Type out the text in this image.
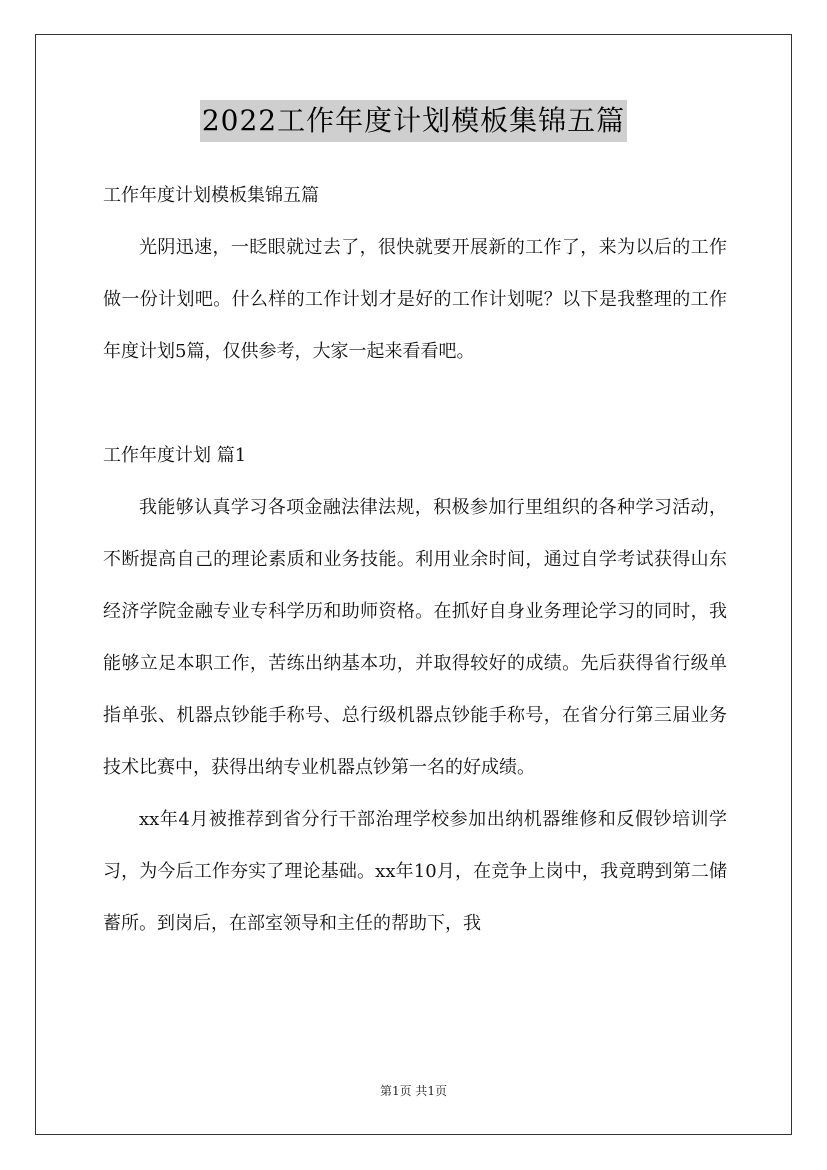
2022工作年度计划模板集锦五篇

工作年度计划模板集锦五篇

光阴迅速，一眨眼就过去了，很快就要开展新的工作了，来为以后的工作做一份计划吧。什么样的工作计划才是好的工作计划呢？以下是我整理的工作年度计划5篇，仅供参考，大家一起来看看吧。

工作年度计划 篇1

我能够认真学习各项金融法律法规，积极参加行里组织的各种学习活动，不断提高自己的理论素质和业务技能。利用业余时间，通过自学考试获得山东经济学院金融专业专科学历和助师资格。在抓好自身业务理论学习的同时，我能够立足本职工作，苦练出纳基本功，并取得较好的成绩。先后获得省行级单指单张、机器点钞能手称号、总行级机器点钞能手称号，在省分行第三届业务技术比赛中，获得出纳专业机器点钞第一名的好成绩。

xx年4月被推荐到省分行干部治理学校参加出纳机器维修和反假钞培训学习，为今后工作夯实了理论基础。xx年10月，在竞争上岗中，我竟聘到第二储蓄所。到岗后，在部室领导和主任的帮助下，我

第1页 共1页
